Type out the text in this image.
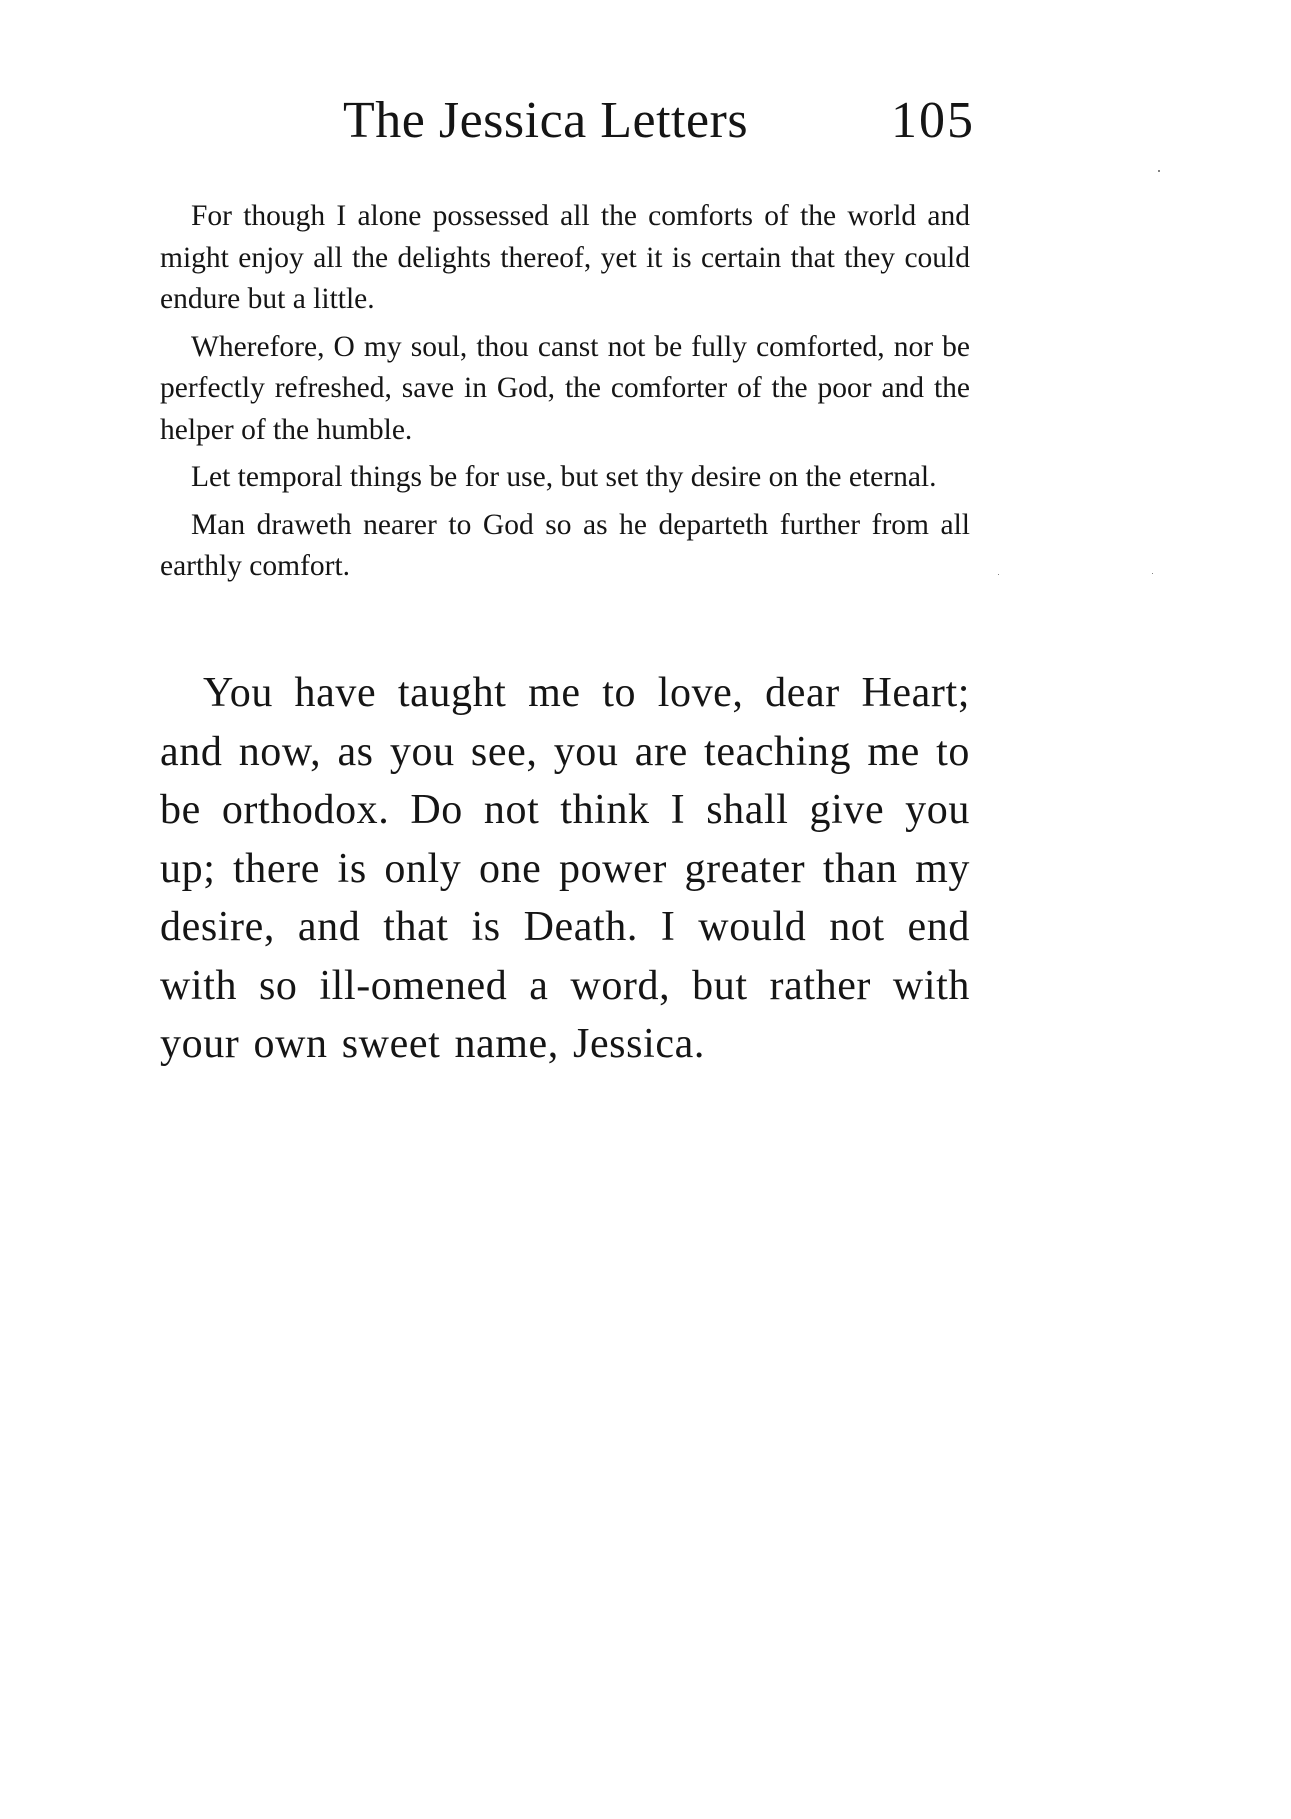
The Jessica Letters	105

For though I alone possessed all the comforts of the world and might enjoy all the delights thereof, yet it is certain that they could endure but a little.

Wherefore, O my soul, thou canst not be fully comforted, nor be perfectly refreshed, save in God, the comforter of the poor and the helper of the humble.

Let temporal things be for use, but set thy desire on the eternal.

Man draweth nearer to God so as he departeth further from all earthly comfort.

You have taught me to love, dear Heart; and now, as you see, you are teaching me to be orthodox. Do not think I shall give you up; there is only one power greater than my desire, and that is Death. I would not end with so ill-omened a word, but rather with your own sweet name, Jessica.
